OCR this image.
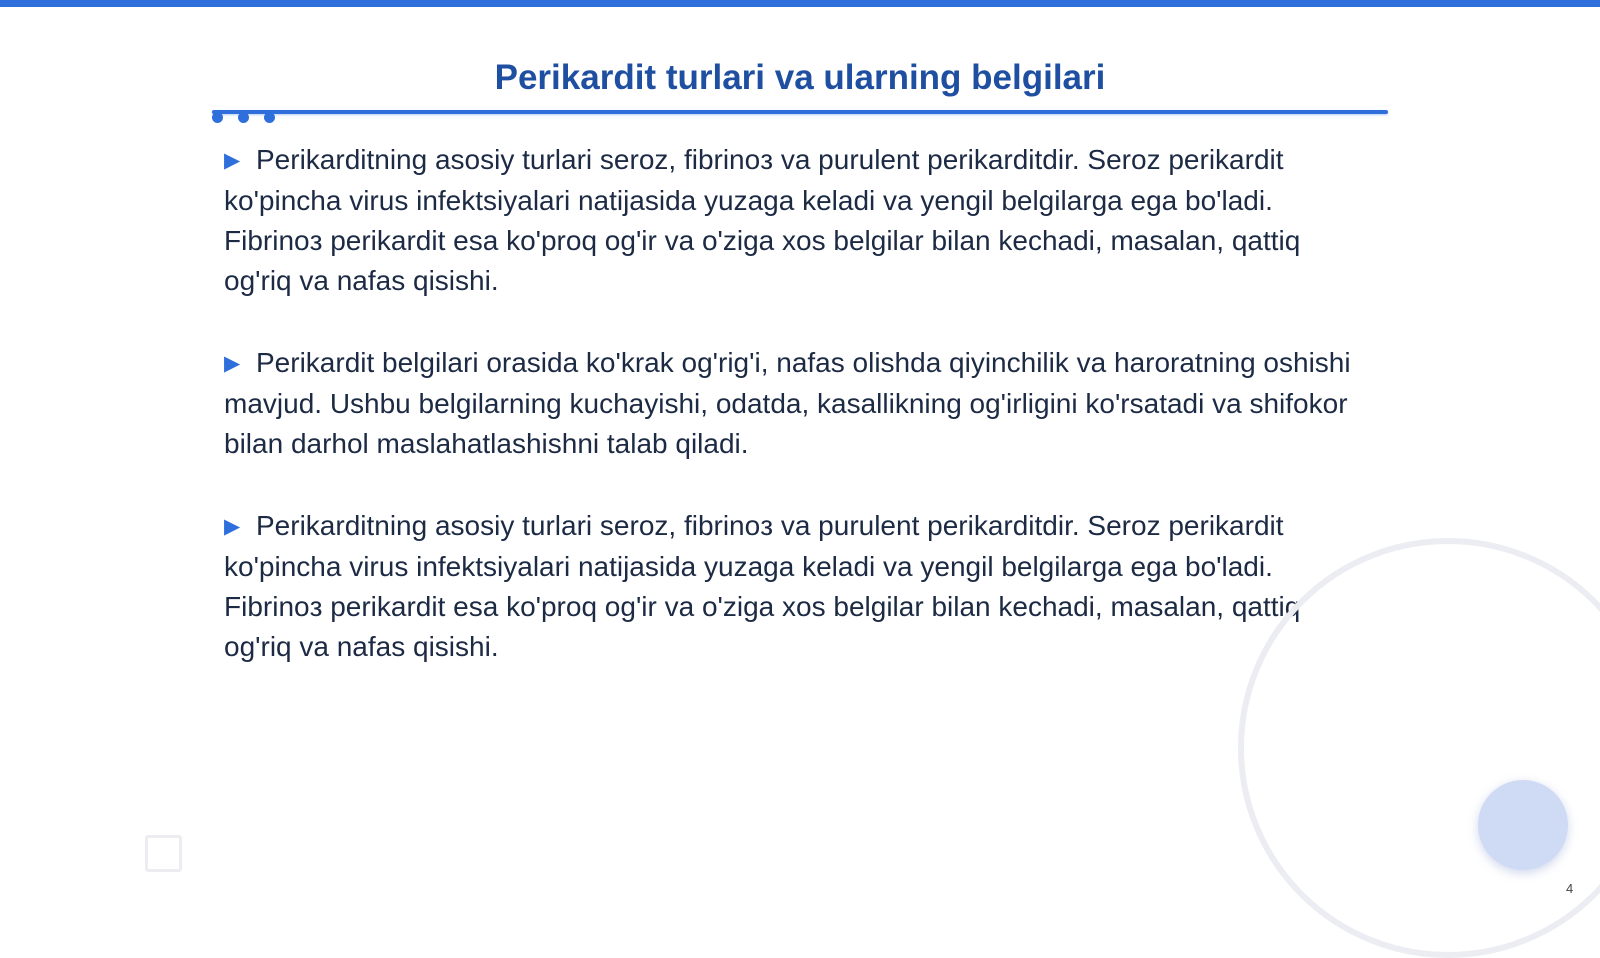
Perikardit turlari va ularning belgilari

▶ Perikarditning asosiy turlari seroz, fibrinoз va purulent perikarditdir. Seroz perikardit ko'pincha virus infektsiyalari natijasida yuzaga keladi va yengil belgilarga ega bo'ladi. Fibrinoз perikardit esa ko'proq og'ir va o'ziga xos belgilar bilan kechadi, masalan, qattiq og'riq va nafas qisishi.

▶ Perikardit belgilari orasida ko'krak og'rig'i, nafas olishda qiyinchilik va haroratning oshishi mavjud. Ushbu belgilarning kuchayishi, odatda, kasallikning og'irligini ko'rsatadi va shifokor bilan darhol maslahatlashishni talab qiladi.

▶ Perikarditning asosiy turlari seroz, fibrinoз va purulent perikarditdir. Seroz perikardit ko'pincha virus infektsiyalari natijasida yuzaga keladi va yengil belgilarga ega bo'ladi. Fibrinoз perikardit esa ko'proq og'ir va o'ziga xos belgilar bilan kechadi, masalan, qattiq og'riq va nafas qisishi.

4
